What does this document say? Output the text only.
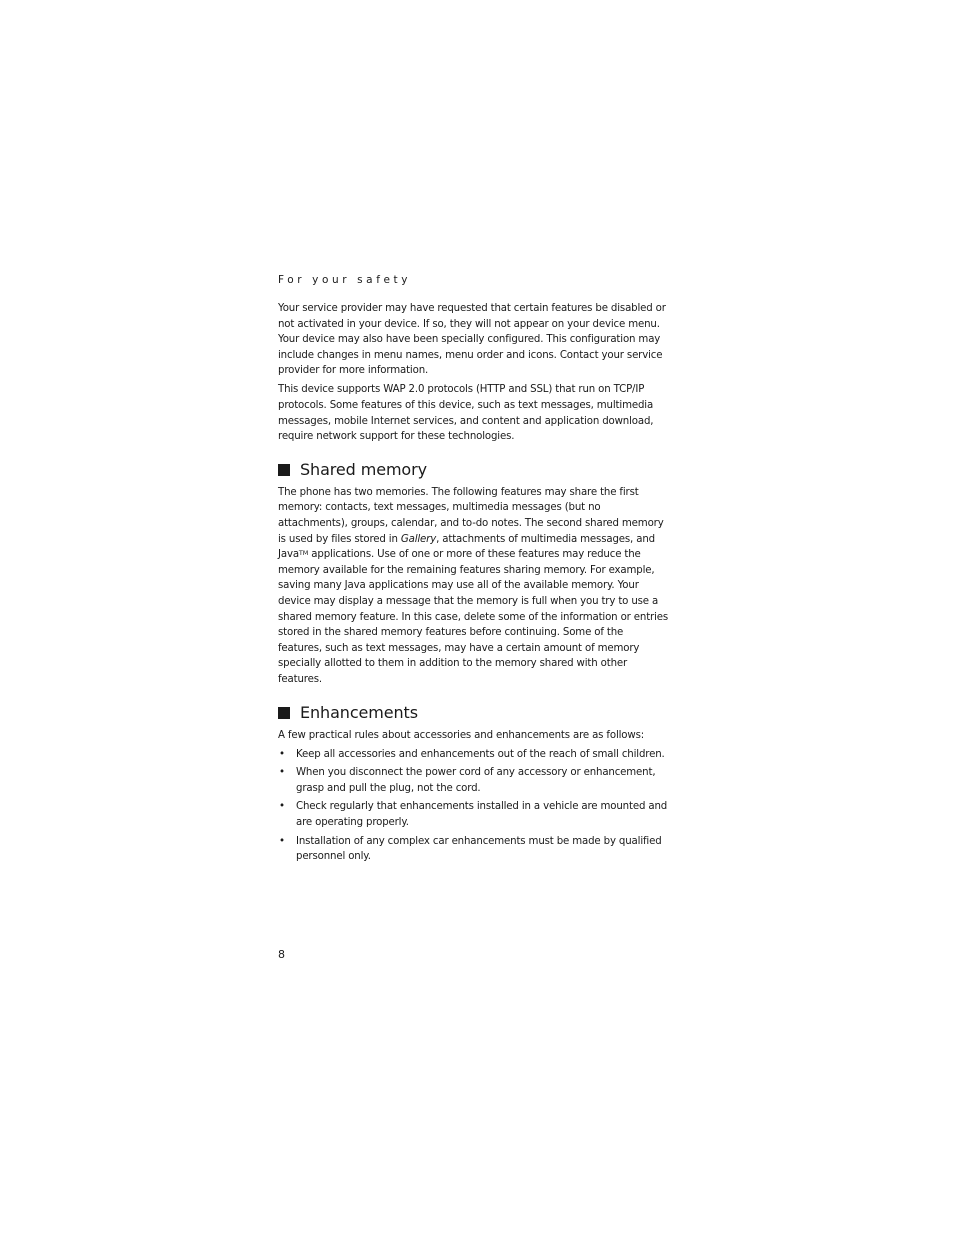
For your safety

Your service provider may have requested that certain features be disabled or not activated in your device. If so, they will not appear on your device menu. Your device may also have been specially configured. This configuration may include changes in menu names, menu order and icons. Contact your service provider for more information.

This device supports WAP 2.0 protocols (HTTP and SSL) that run on TCP/IP protocols. Some features of this device, such as text messages, multimedia messages, mobile Internet services, and content and application download, require network support for these technologies.

Shared memory

The phone has two memories. The following features may share the first memory: contacts, text messages, multimedia messages (but no attachments), groups, calendar, and to-do notes. The second shared memory is used by files stored in Gallery, attachments of multimedia messages, and Java™ applications. Use of one or more of these features may reduce the memory available for the remaining features sharing memory. For example, saving many Java applications may use all of the available memory. Your device may display a message that the memory is full when you try to use a shared memory feature. In this case, delete some of the information or entries stored in the shared memory features before continuing. Some of the features, such as text messages, may have a certain amount of memory specially allotted to them in addition to the memory shared with other features.

Enhancements

A few practical rules about accessories and enhancements are as follows:

• Keep all accessories and enhancements out of the reach of small children.
• When you disconnect the power cord of any accessory or enhancement, grasp and pull the plug, not the cord.
• Check regularly that enhancements installed in a vehicle are mounted and are operating properly.
• Installation of any complex car enhancements must be made by qualified personnel only.
8
